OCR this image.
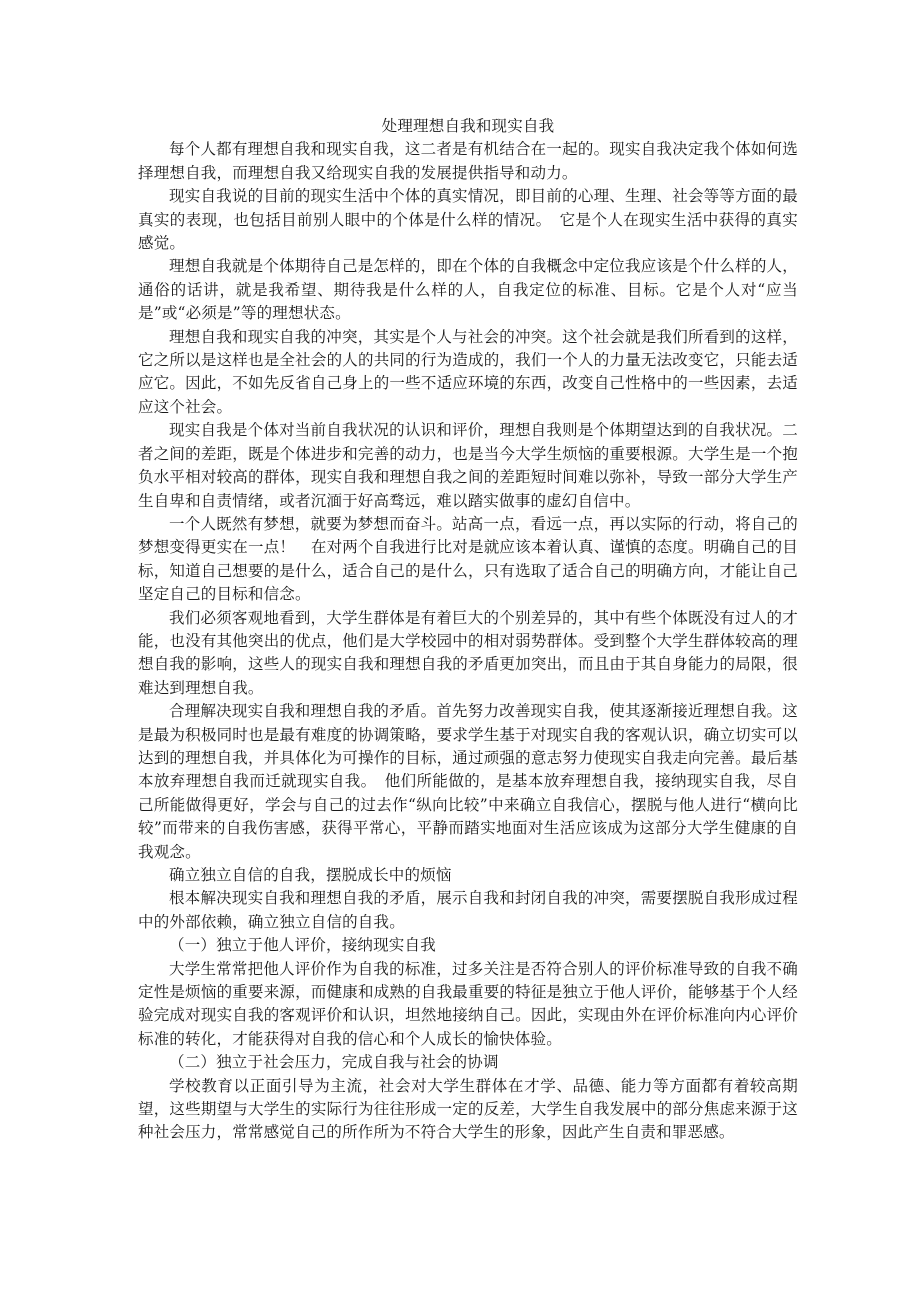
处理理想自我和现实自我

每个人都有理想自我和现实自我，这二者是有机结合在一起的。现实自我决定我个体如何选择理想自我，而理想自我又给现实自我的发展提供指导和动力。

现实自我说的目前的现实生活中个体的真实情况，即目前的心理、生理、社会等等方面的最真实的表现，也包括目前别人眼中的个体是什么样的情况。　它是个人在现实生活中获得的真实感觉。

理想自我就是个体期待自己是怎样的，即在个体的自我概念中定位我应该是个什么样的人，通俗的话讲，就是我希望、期待我是什么样的人，自我定位的标准、目标。它是个人对“应当是”或“必须是”等的理想状态。

理想自我和现实自我的冲突，其实是个人与社会的冲突。这个社会就是我们所看到的这样，它之所以是这样也是全社会的人的共同的行为造成的，我们一个人的力量无法改变它，只能去适应它。因此，不如先反省自己身上的一些不适应环境的东西，改变自己性格中的一些因素，去适应这个社会。

现实自我是个体对当前自我状况的认识和评价，理想自我则是个体期望达到的自我状况。二者之间的差距，既是个体进步和完善的动力，也是当今大学生烦恼的重要根源。大学生是一个抱负水平相对较高的群体，现实自我和理想自我之间的差距短时间难以弥补，导致一部分大学生产生自卑和自责情绪，或者沉湎于好高骛远，难以踏实做事的虚幻自信中。

一个人既然有梦想，就要为梦想而奋斗。站高一点，看远一点，再以实际的行动，将自己的梦想变得更实在一点！　在对两个自我进行比对是就应该本着认真、谨慎的态度。明确自己的目标，知道自己想要的是什么，适合自己的是什么，只有选取了适合自己的明确方向，才能让自己坚定自己的目标和信念。

我们必须客观地看到，大学生群体是有着巨大的个别差异的，其中有些个体既没有过人的才能，也没有其他突出的优点，他们是大学校园中的相对弱势群体。受到整个大学生群体较高的理想自我的影响，这些人的现实自我和理想自我的矛盾更加突出，而且由于其自身能力的局限，很难达到理想自我。

合理解决现实自我和理想自我的矛盾。首先努力改善现实自我，使其逐渐接近理想自我。这是最为积极同时也是最有难度的协调策略，要求学生基于对现实自我的客观认识，确立切实可以达到的理想自我，并具体化为可操作的目标，通过顽强的意志努力使现实自我走向完善。最后基本放弃理想自我而迁就现实自我。　他们所能做的，是基本放弃理想自我，接纳现实自我，尽自己所能做得更好，学会与自己的过去作“纵向比较”中来确立自我信心，摆脱与他人进行“横向比较”而带来的自我伤害感，获得平常心，平静而踏实地面对生活应该成为这部分大学生健康的自我观念。

确立独立自信的自我，摆脱成长中的烦恼

根本解决现实自我和理想自我的矛盾，展示自我和封闭自我的冲突，需要摆脱自我形成过程中的外部依赖，确立独立自信的自我。

（一）独立于他人评价，接纳现实自我

大学生常常把他人评价作为自我的标准，过多关注是否符合别人的评价标准导致的自我不确定性是烦恼的重要来源，而健康和成熟的自我最重要的特征是独立于他人评价，能够基于个人经验完成对现实自我的客观评价和认识，坦然地接纳自己。因此，实现由外在评价标准向内心评价标准的转化，才能获得对自我的信心和个人成长的愉快体验。

（二）独立于社会压力，完成自我与社会的协调

学校教育以正面引导为主流，社会对大学生群体在才学、品德、能力等方面都有着较高期望，这些期望与大学生的实际行为往往形成一定的反差，大学生自我发展中的部分焦虑来源于这种社会压力，常常感觉自己的所作所为不符合大学生的形象，因此产生自责和罪恶感。
